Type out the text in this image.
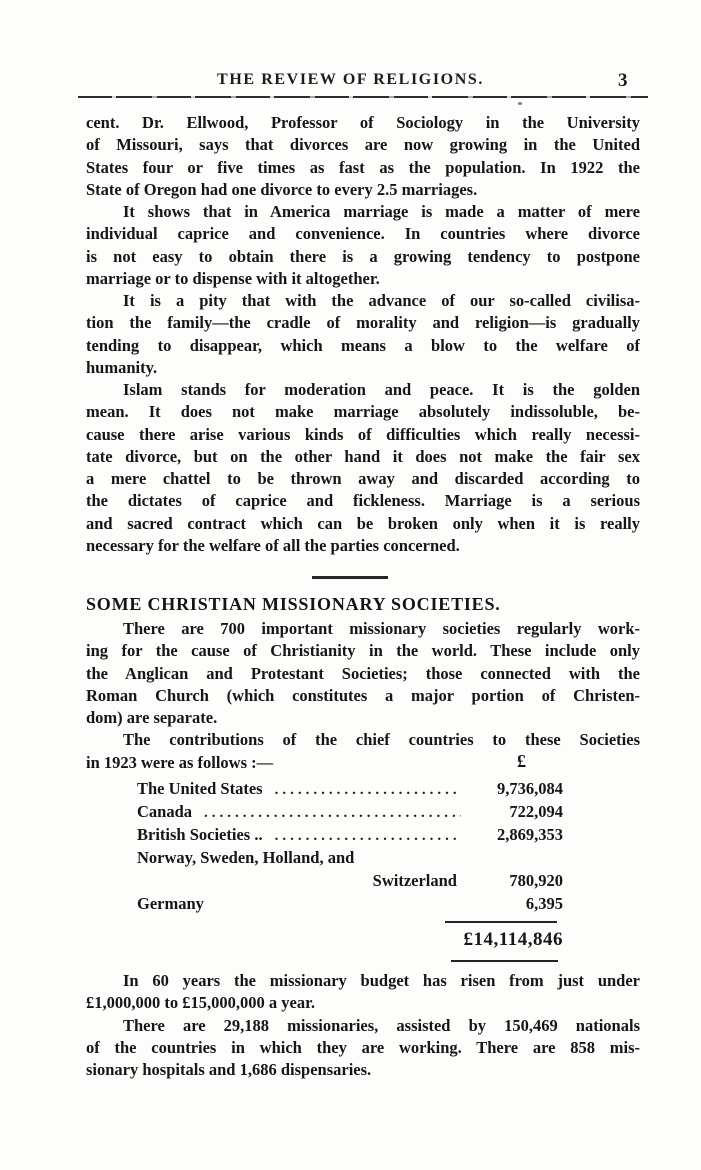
THE REVIEW OF RELIGIONS.	3
cent. Dr. Ellwood, Professor of Sociology in the University
of Missouri, says that divorces are now growing in the United
States four or five times as fast as the population. In 1922 the
State of Oregon had one divorce to every 2.5 marriages.
It shows that in America marriage is made a matter of mere
individual caprice and convenience. In countries where divorce
is not easy to obtain there is a growing tendency to postpone
marriage or to dispense with it altogether.
It is a pity that with the advance of our so-called civilisa-
tion the family—the cradle of morality and religion—is gradually
tending to disappear, which means a blow to the welfare of
humanity.
Islam stands for moderation and peace. It is the golden
mean. It does not make marriage absolutely indissoluble, be-
cause there arise various kinds of difficulties which really necessi-
tate divorce, but on the other hand it does not make the fair sex
a mere chattel to be thrown away and discarded according to
the dictates of caprice and fickleness. Marriage is a serious
and sacred contract which can be broken only when it is really
necessary for the welfare of all the parties concerned.
SOME CHRISTIAN MISSIONARY SOCIETIES.
There are 700 important missionary societies regularly work-
ing for the cause of Christianity in the world. These include only
the Anglican and Protestant Societies; those connected with the
Roman Church (which constitutes a major portion of Christen-
dom) are separate.
The contributions of the chief countries to these Societies
in 1923 were as follows :—	£
The United States .....	9,736,084
Canada .....	722,094
British Societies .. .....	2,869,353
Norway, Sweden, Holland, and
Switzerland	780,920
Germany	6,395
£14,114,846
In 60 years the missionary budget has risen from just under
£1,000,000 to £15,000,000 a year.
There are 29,188 missionaries, assisted by 150,469 nationals
of the countries in which they are working. There are 858 mis-
sionary hospitals and 1,686 dispensaries.
